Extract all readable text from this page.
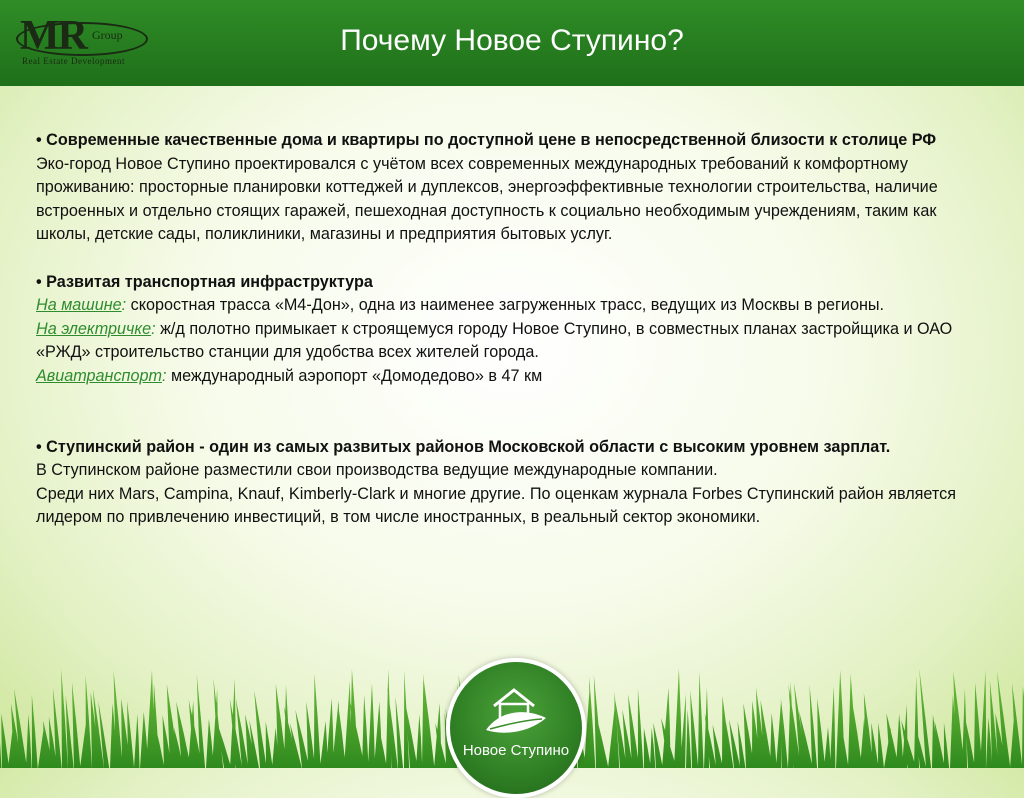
MR Group
Real Estate Development
Почему Новое Ступино?

• Современные качественные дома и квартиры по доступной цене в непосредственной близости к столице РФ

Эко-город Новое Ступино проектировался с учётом всех современных международных требований к комфортному проживанию: просторные планировки коттеджей и дуплексов, энергоэффективные технологии строительства, наличие встроенных и отдельно стоящих гаражей, пешеходная доступность к социально необходимым учреждениям, таким как школы, детские сады, поликлиники, магазины и предприятия бытовых услуг.

• Развитая транспортная инфраструктура

На машине: скоростная трасса «М4-Дон», одна из наименее загруженных трасс, ведущих из Москвы в регионы.

На электричке: ж/д полотно примыкает к строящемуся городу Новое Ступино, в совместных планах застройщика и ОАО «РЖД» строительство станции для удобства всех жителей города.

Авиатранспорт: международный аэропорт «Домодедово» в 47 км

• Ступинский район - один из самых развитых районов Московской области с высоким уровнем зарплат.

В Ступинском районе разместили свои производства ведущие международные компании.

Среди них Mars, Campina, Knauf, Kimberly-Clark и многие другие. По оценкам журнала Forbes Ступинский район является лидером по привлечению инвестиций, в том числе иностранных, в реальный сектор экономики.

Новое Ступино
